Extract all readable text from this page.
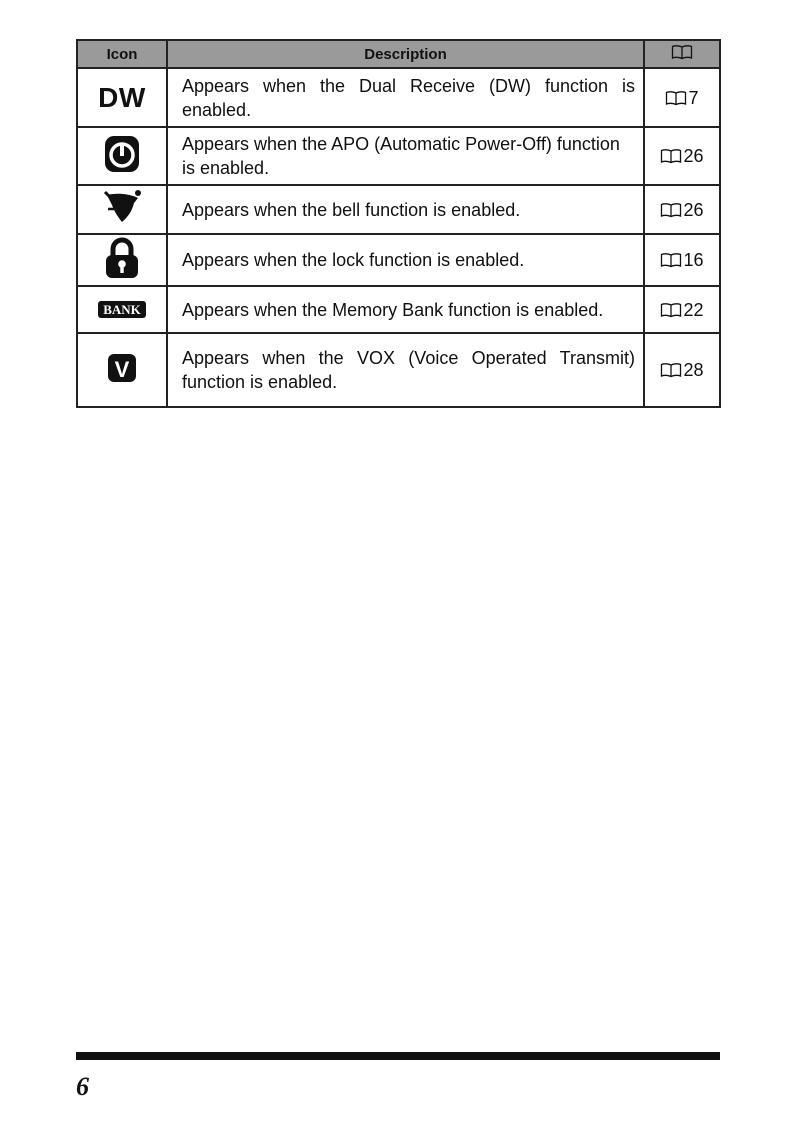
Icon	Description	
DW	Appears when the Dual Receive (DW) function is enabled.	7
	Appears when the APO (Automatic Power-Off) function is enabled.	26
	Appears when the bell function is enabled.	26
	Appears when the lock function is enabled.	16
BANK	Appears when the Memory Bank function is enabled.	22

V	Appears when the VOX (Voice Operated Transmit) function is enabled.	28
6
